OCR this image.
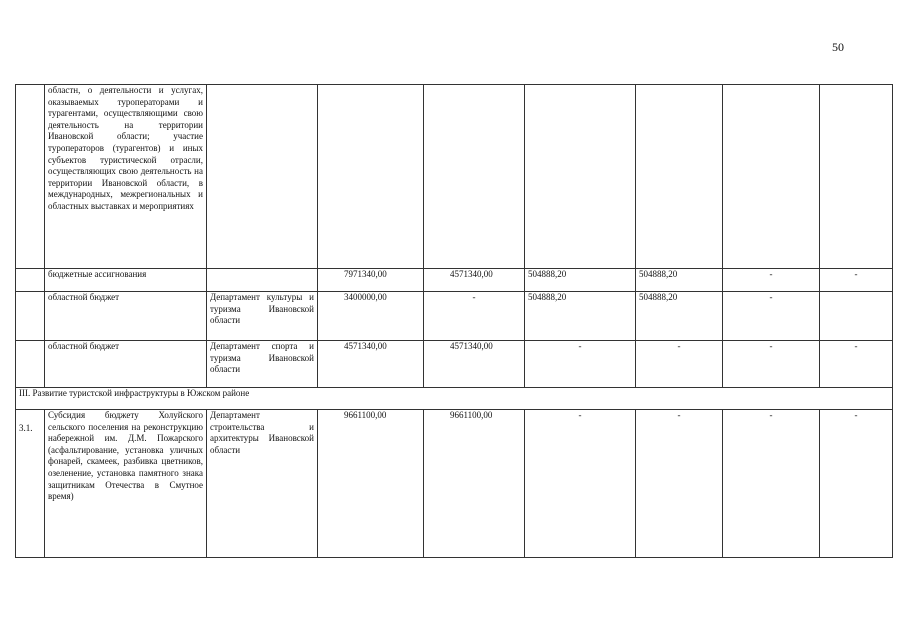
50
	областн, о деятельности и услугах, оказываемых туроператорами и турагентами, осуществляющими свою деятельность на территории Ивановской области; участие туроператоров (турагентов) и иных субъектов туристической отрасли, осуществляющих свою деятельность на территории Ивановской области, в международных, межрегиональных и областных выставках и мероприятиях							
	бюджетные ассигнования		7971340,00	4571340,00	504888,20	504888,20	-	-
	областной бюджет	Департамент культуры и туризма Ивановской области	3400000,00	-	504888,20	504888,20	-	
	областной бюджет	Департамент спорта и туризма Ивановской области	4571340,00	4571340,00	-	-	-	-
III. Развитие туристской инфраструктуры в Южском районе								
3.1.	Субсидия бюджету Холуйского сельского поселения на реконструкцию набережной им. Д.М. Пожарского (асфальтирование, установка уличных фонарей, скамеек, разбивка цветников, озеленение, установка памятного знака защитникам Отечества в Смутное время)	Департамент строительства и архитектуры Ивановской области	9661100,00	9661100,00	-	-	-	-
